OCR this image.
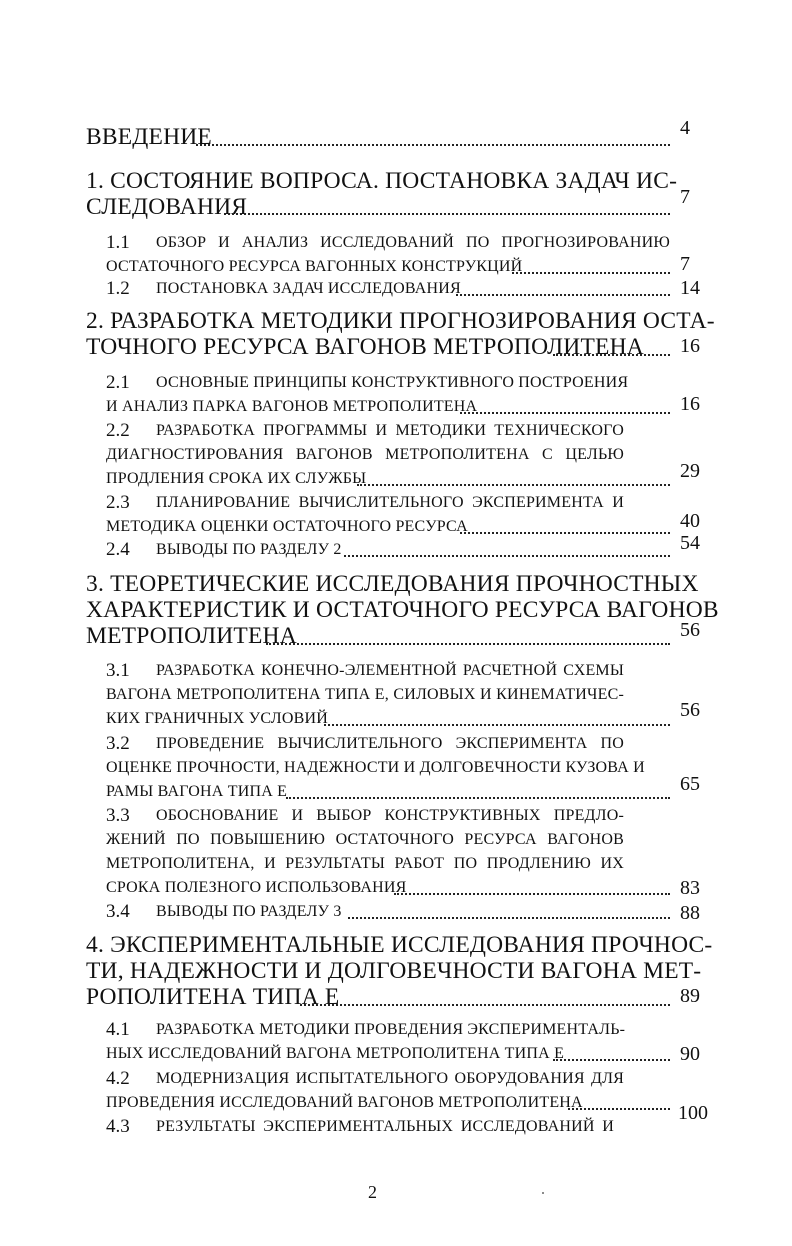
ВВЕДЕНИЕ	4
1. СОСТОЯНИЕ ВОПРОСА. ПОСТАНОВКА ЗАДАЧ ИС-
СЛЕДОВАНИЯ	7
1.1 ОБЗОР И АНАЛИЗ ИССЛЕДОВАНИЙ ПО ПРОГНОЗИРОВАНИЮ
ОСТАТОЧНОГО РЕСУРСА ВАГОННЫХ КОНСТРУКЦИЙ	7
1.2 ПОСТАНОВКА ЗАДАЧ ИССЛЕДОВАНИЯ	14
2. РАЗРАБОТКА МЕТОДИКИ ПРОГНОЗИРОВАНИЯ ОСТА-
ТОЧНОГО РЕСУРСА ВАГОНОВ МЕТРОПОЛИТЕНА 16
2.1 ОСНОВНЫЕ ПРИНЦИПЫ КОНСТРУКТИВНОГО ПОСТРОЕНИЯ
И АНАЛИЗ ПАРКА ВАГОНОВ МЕТРОПОЛИТЕНА	16
2.2 РАЗРАБОТКА ПРОГРАММЫ И МЕТОДИКИ ТЕХНИЧЕСКОГО
ДИАГНОСТИРОВАНИЯ ВАГОНОВ МЕТРОПОЛИТЕНА С ЦЕЛЬЮ
ПРОДЛЕНИЯ СРОКА ИХ СЛУЖБЫ	29
2.3 ПЛАНИРОВАНИЕ ВЫЧИСЛИТЕЛЬНОГО ЭКСПЕРИМЕНТА И
МЕТОДИКА ОЦЕНКИ ОСТАТОЧНОГО РЕСУРСА	40
2.4 ВЫВОДЫ ПО РАЗДЕЛУ 2	54
3. ТЕОРЕТИЧЕСКИЕ ИССЛЕДОВАНИЯ ПРОЧНОСТНЫХ
ХАРАКТЕРИСТИК И ОСТАТОЧНОГО РЕСУРСА ВАГОНОВ
МЕТРОПОЛИТЕНА	56
3.1 РАЗРАБОТКА КОНЕЧНО-ЭЛЕМЕНТНОЙ РАСЧЕТНОЙ СХЕМЫ
ВАГОНА МЕТРОПОЛИТЕНА ТИПА Е, СИЛОВЫХ И КИНЕМАТИЧЕС-
КИХ ГРАНИЧНЫХ УСЛОВИЙ	56
3.2 ПРОВЕДЕНИЕ ВЫЧИСЛИТЕЛЬНОГО ЭКСПЕРИМЕНТА ПО
ОЦЕНКЕ ПРОЧНОСТИ, НАДЕЖНОСТИ И ДОЛГОВЕЧНОСТИ КУЗОВА И
РАМЫ ВАГОНА ТИПА Е	65
3.3 ОБОСНОВАНИЕ И ВЫБОР КОНСТРУКТИВНЫХ ПРЕДЛО-
ЖЕНИЙ ПО ПОВЫШЕНИЮ ОСТАТОЧНОГО РЕСУРСА ВАГОНОВ
МЕТРОПОЛИТЕНА, И РЕЗУЛЬТАТЫ РАБОТ ПО ПРОДЛЕНИЮ ИХ
СРОКА ПОЛЕЗНОГО ИСПОЛЬЗОВАНИЯ	83
3.4 ВЫВОДЫ ПО РАЗДЕЛУ 3	88
4. ЭКСПЕРИМЕНТАЛЬНЫЕ ИССЛЕДОВАНИЯ ПРОЧНОС-
ТИ, НАДЕЖНОСТИ И ДОЛГОВЕЧНОСТИ ВАГОНА МЕТ-
РОПОЛИТЕНА ТИПА Е	89
4.1 РАЗРАБОТКА МЕТОДИКИ ПРОВЕДЕНИЯ ЭКСПЕРИМЕНТАЛЬ-
НЫХ ИССЛЕДОВАНИЙ ВАГОНА МЕТРОПОЛИТЕНА ТИПА Е	90
4.2 МОДЕРНИЗАЦИЯ ИСПЫТАТЕЛЬНОГО ОБОРУДОВАНИЯ ДЛЯ
ПРОВЕДЕНИЯ ИССЛЕДОВАНИЙ ВАГОНОВ МЕТРОПОЛИТЕНА	100
4.3 РЕЗУЛЬТАТЫ ЭКСПЕРИМЕНТАЛЬНЫХ ИССЛЕДОВАНИЙ И
2
